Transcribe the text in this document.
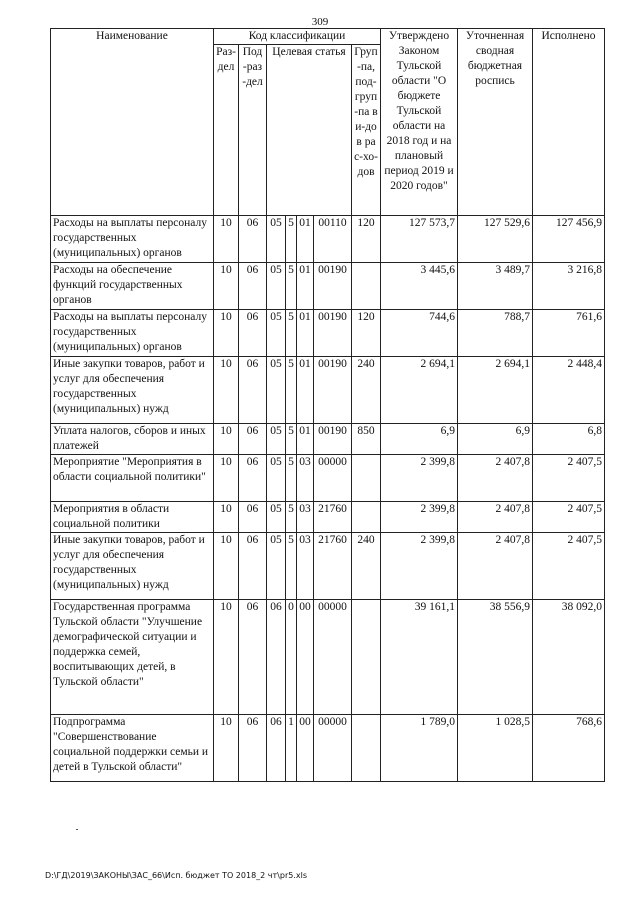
309
Наименование	Код классификации							Утверждено Законом Тульской области "О бюджете Тульской области на 2018 год и на плановый период 2019 и 2020 годов"	Уточненная сводная бюджетная роспись	Исполнено
	Раз-дел	Под-раз-дел	Целевая статья				Груп-па, под-груп-па ви-дов рас-хо-дов			
Расходы на выплаты персоналу государственных (муниципальных) органов	10	06	05	5	01	00110	120	127 573,7	127 529,6	127 456,9
Расходы на обеспечение функций государственных органов	10	06	05	5	01	00190		3 445,6	3 489,7	3 216,8
Расходы на выплаты персоналу государственных (муниципальных) органов	10	06	05	5	01	00190	120	744,6	788,7	761,6
Иные закупки товаров, работ и услуг для обеспечения государственных (муниципальных) нужд	10	06	05	5	01	00190	240	2 694,1	2 694,1	2 448,4
Уплата налогов, сборов и иных платежей	10	06	05	5	01	00190	850	6,9	6,9	6,8
Мероприятие "Мероприятия в области социальной политики"	10	06	05	5	03	00000		2 399,8	2 407,8	2 407,5
Мероприятия в области социальной политики	10	06	05	5	03	21760		2 399,8	2 407,8	2 407,5
Иные закупки товаров, работ и услуг для обеспечения государственных (муниципальных) нужд	10	06	05	5	03	21760	240	2 399,8	2 407,8	2 407,5
Государственная программа Тульской области "Улучшение демографической ситуации и поддержка семей, воспитывающих детей, в Тульской области"	10	06	06	0	00	00000		39 161,1	38 556,9	38 092,0
Подпрограмма "Совершенствование социальной поддержки семьи и детей в Тульской области"	10	06	06	1	00	00000		1 789,0	1 028,5	768,6
D:\ГД\2019\ЗАКОНЫ\ЗАС_66\Исп. бюджет ТО 2018_2 чт\pr5.xls
